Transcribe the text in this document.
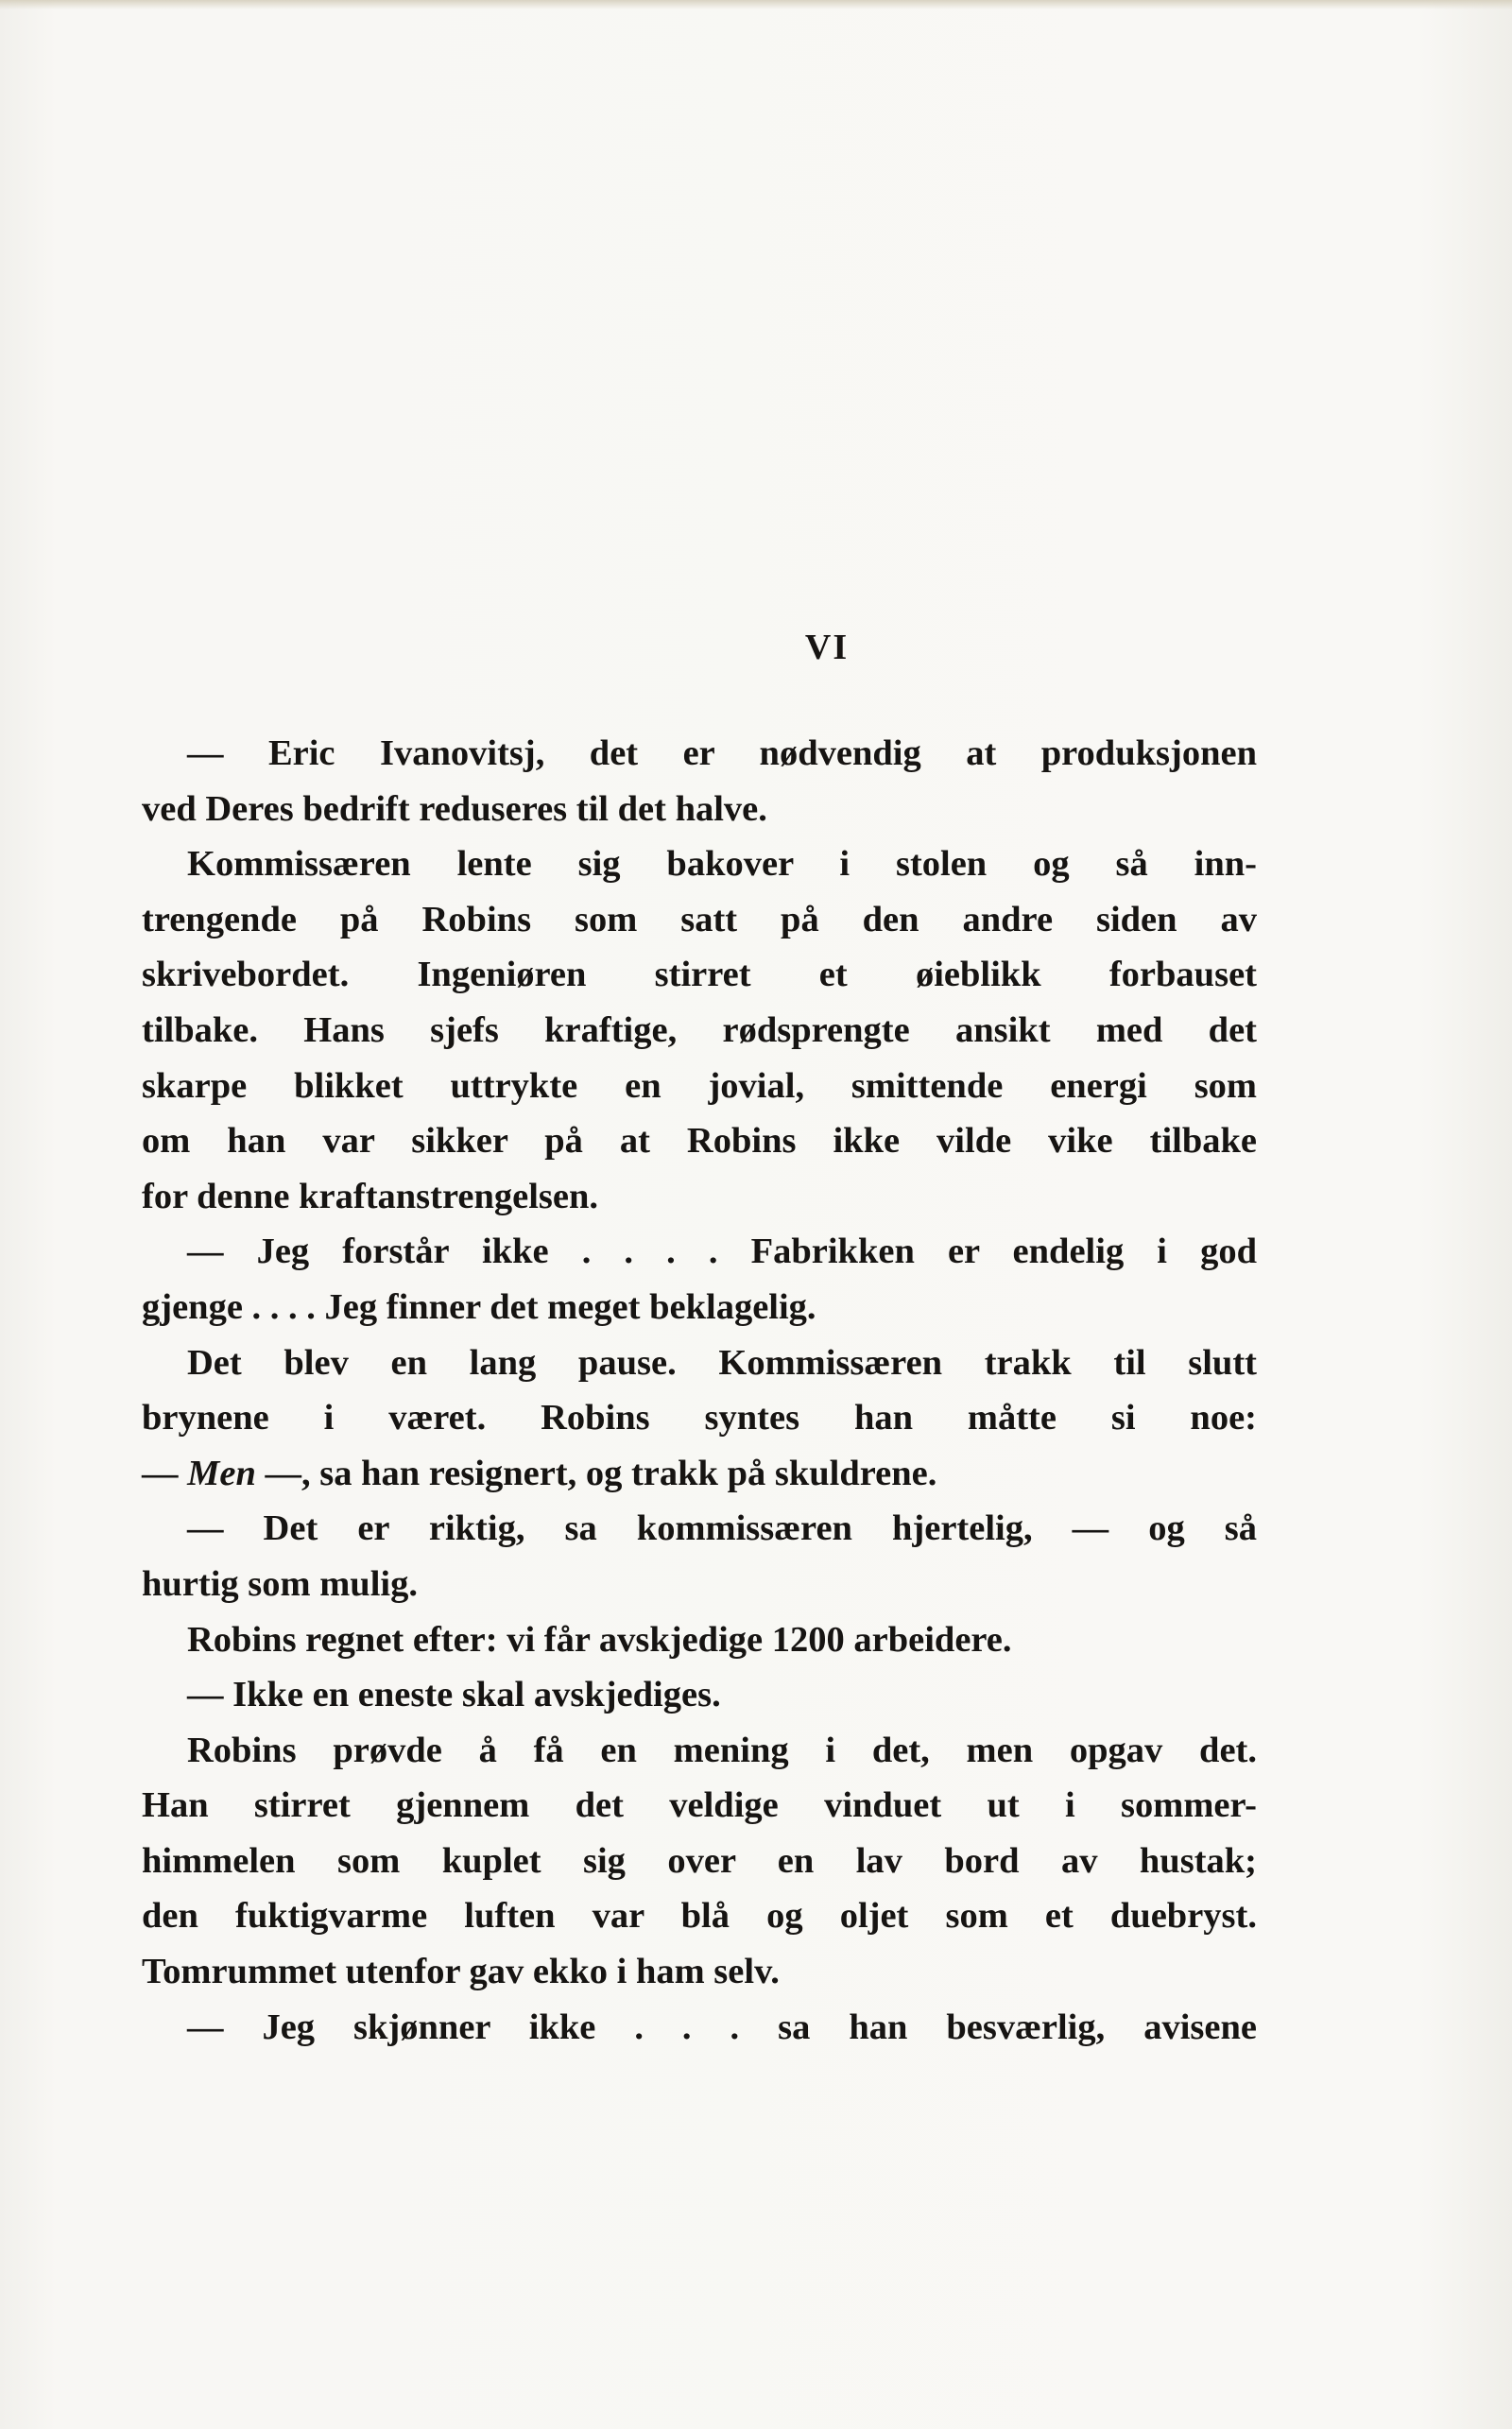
VI
— Eric Ivanovitsj, det er nødvendig at produksjonen
ved Deres bedrift reduseres til det halve.
Kommissæren lente sig bakover i stolen og så inn-
trengende på Robins som satt på den andre siden av
skrivebordet. Ingeniøren stirret et øieblikk forbauset
tilbake. Hans sjefs kraftige, rødsprengte ansikt med det
skarpe blikket uttrykte en jovial, smittende energi som
om han var sikker på at Robins ikke vilde vike tilbake
for denne kraftanstrengelsen.
— Jeg forstår ikke . . . . Fabrikken er endelig i god
gjenge . . . . Jeg finner det meget beklagelig.
Det blev en lang pause. Kommissæren trakk til slutt
brynene i været. Robins syntes han måtte si noe:
— Men —, sa han resignert, og trakk på skuldrene.
— Det er riktig, sa kommissæren hjertelig, — og så
hurtig som mulig.
Robins regnet efter: vi får avskjedige 1200 arbeidere.
— Ikke en eneste skal avskjediges.
Robins prøvde å få en mening i det, men opgav det.
Han stirret gjennem det veldige vinduet ut i sommer-
himmelen som kuplet sig over en lav bord av hustak;
den fuktigvarme luften var blå og oljet som et duebryst.
Tomrummet utenfor gav ekko i ham selv.
— Jeg skjønner ikke . . . sa han besværlig, avisene
